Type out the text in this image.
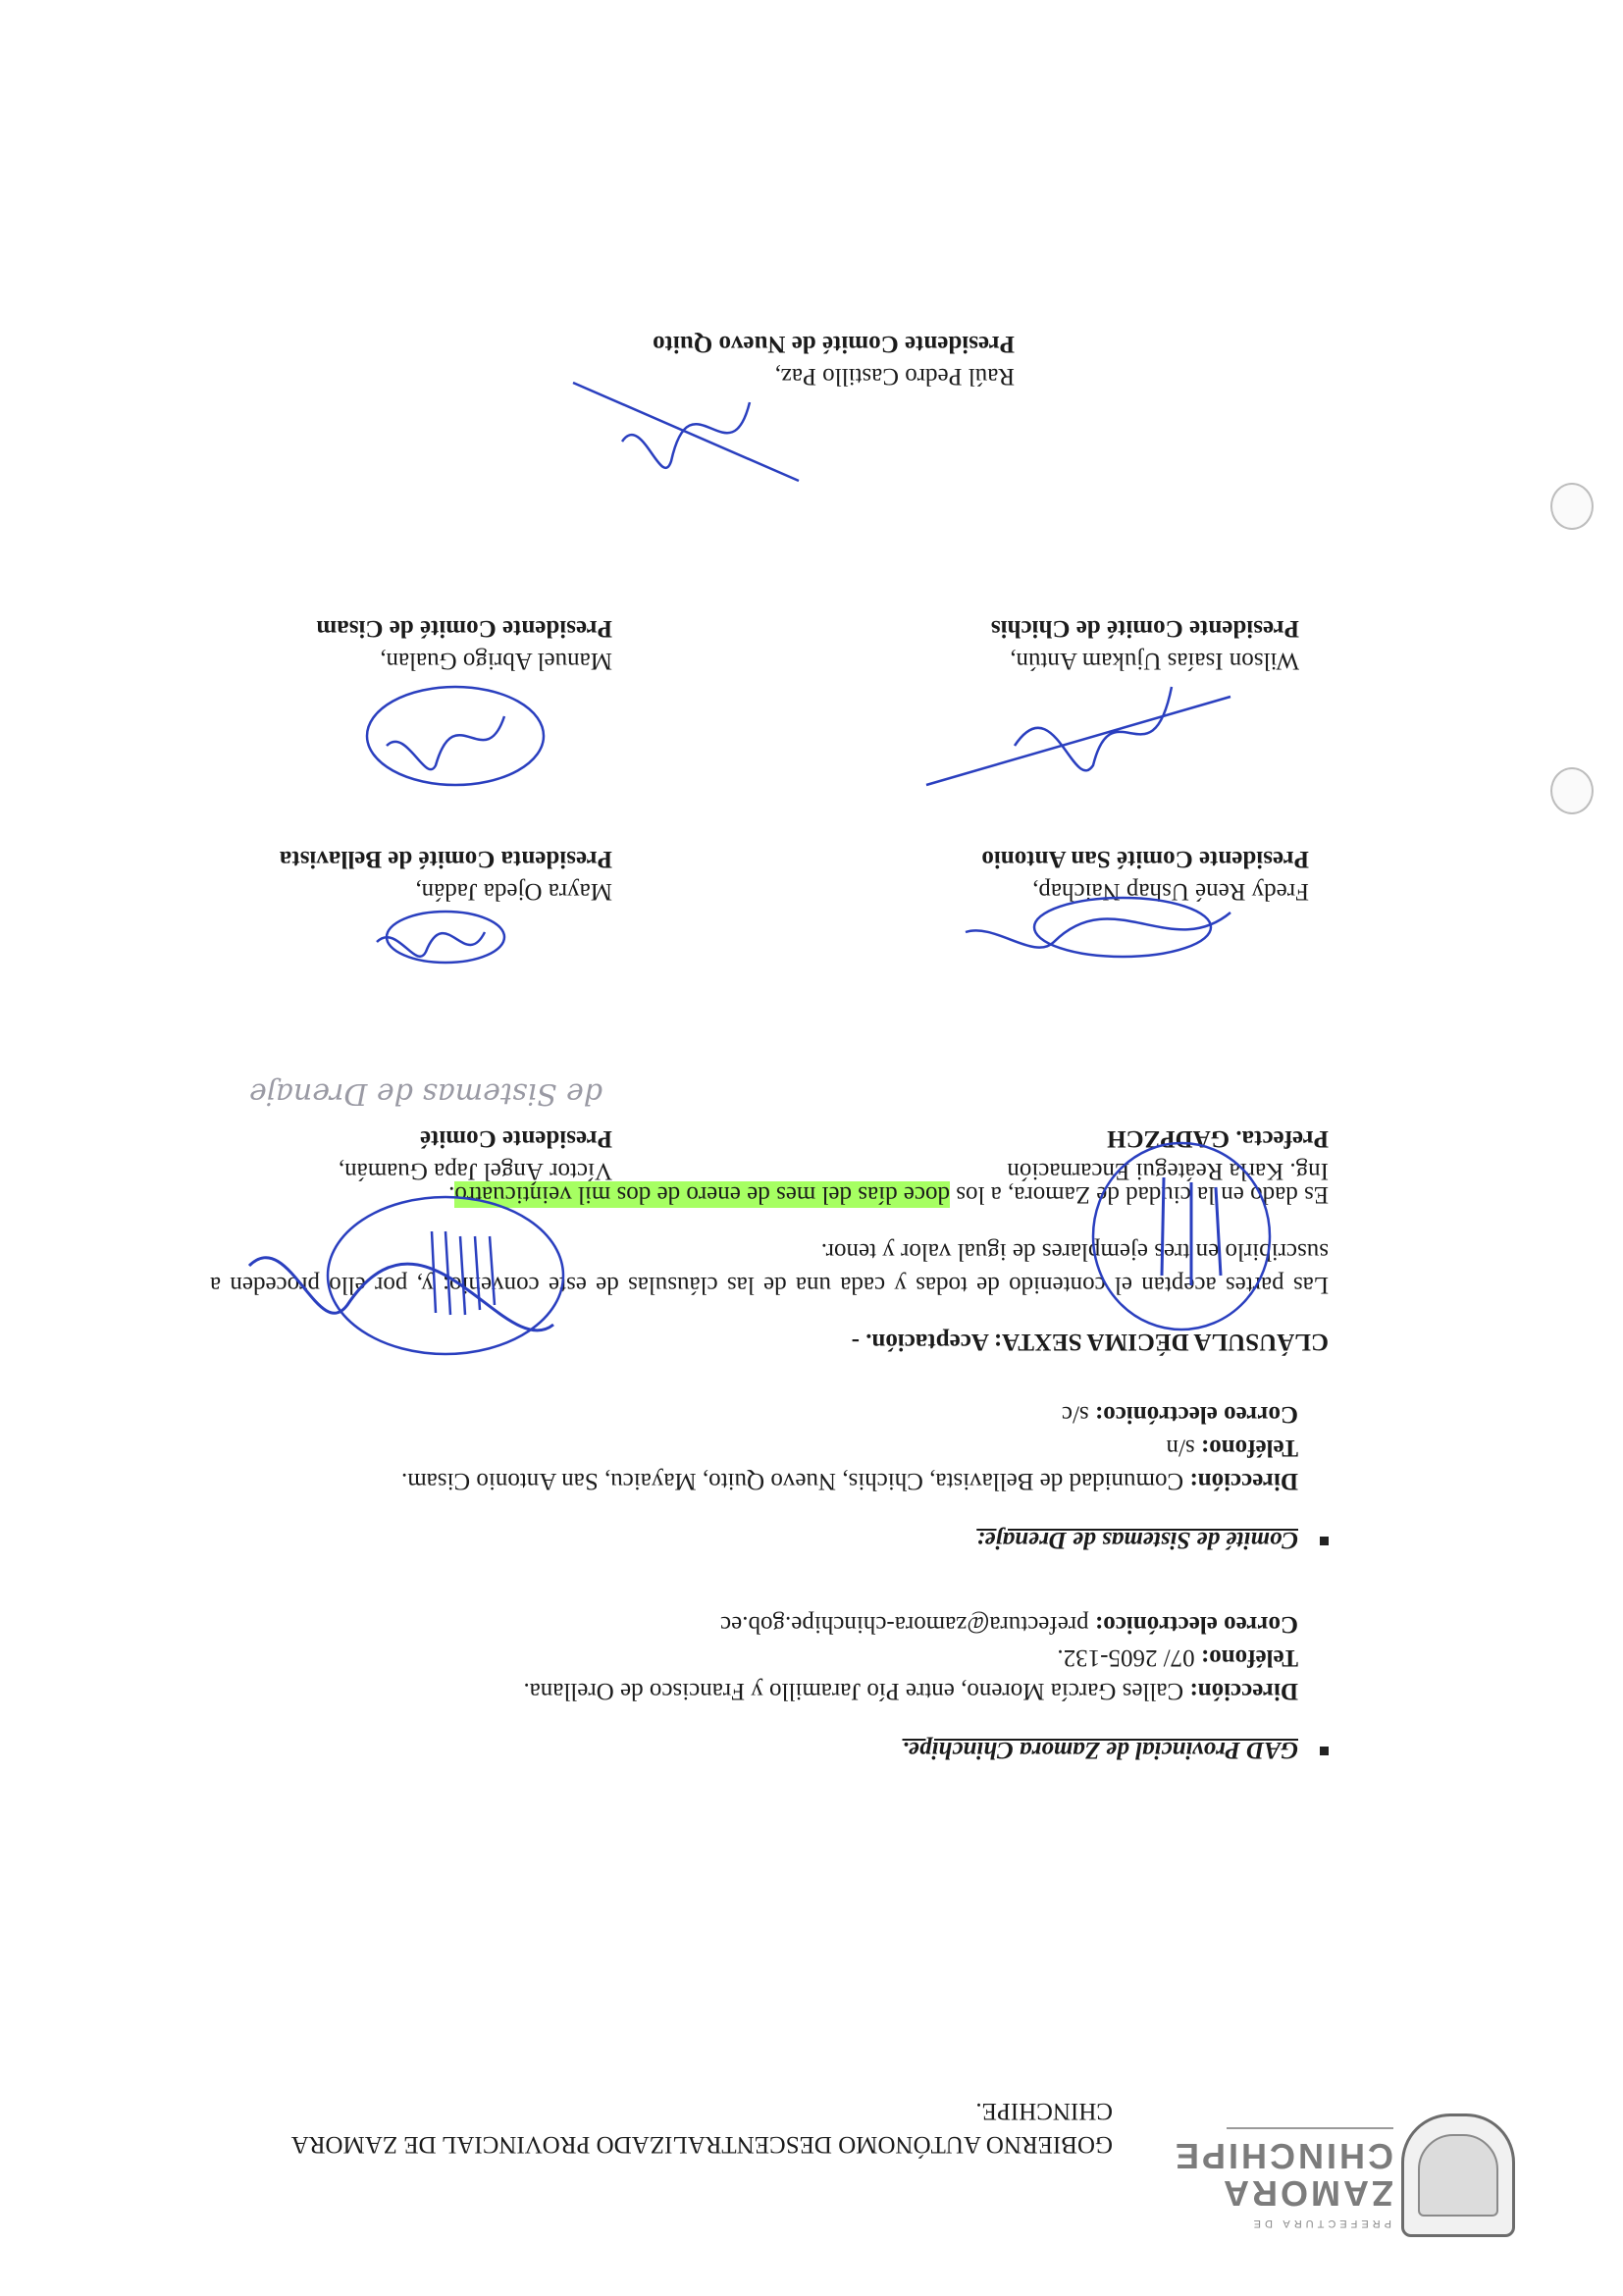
PREFECTURA DE
ZAMORA
CHINCHIPE
GOBIERNO AUTÓNOMO DESCENTRALIZADO PROVINCIAL DE ZAMORA CHINCHIPE.
GAD Provincial de Zamora Chinchipe.

Dirección: Calles García Moreno, entre Pío Jaramillo y Francisco de Orellana.

Teléfono: 07/ 2605-132.

Correo electrónico: prefectura@zamora-chinchipe.gob.ec

Comité de Sistemas de Drenaje:

Dirección: Comunidad de Bellavista, Chichis, Nuevo Quito, Mayaicu, San Antonio Cisam.

Teléfono: s/n

Correo electrónico: s/c

CLÁUSULA DÉCIMA SEXTA: Aceptación. -
Las partes aceptan el contenido de todas y cada una de las cláusulas de este convenio; y, por ello proceden a suscribirlo en tres ejemplares de igual valor y tenor.
Es dado en la ciudad de Zamora, a los doce días del mes de enero de dos mil veinticuatro.

Ing. Karla Reátegui Encarnación

Prefecta. GADPZCH

Víctor Ángel Japa Guamán,

Presidente Comité

Fredy René Ushap Naichap,

Presidente Comité San Antonio

Mayra Ojeda Jadán,

Presidenta Comité de Bellavista

Wilson Isaías Ujukam Antún,

Presidente Comité de Chichis

Manuel Abrigo Gualan,

Presidente Comité de Cisam

Raúl Pedro Castillo Paz,

Presidente Comité de Nuevo Quito

de Sistemas de Drenaje
